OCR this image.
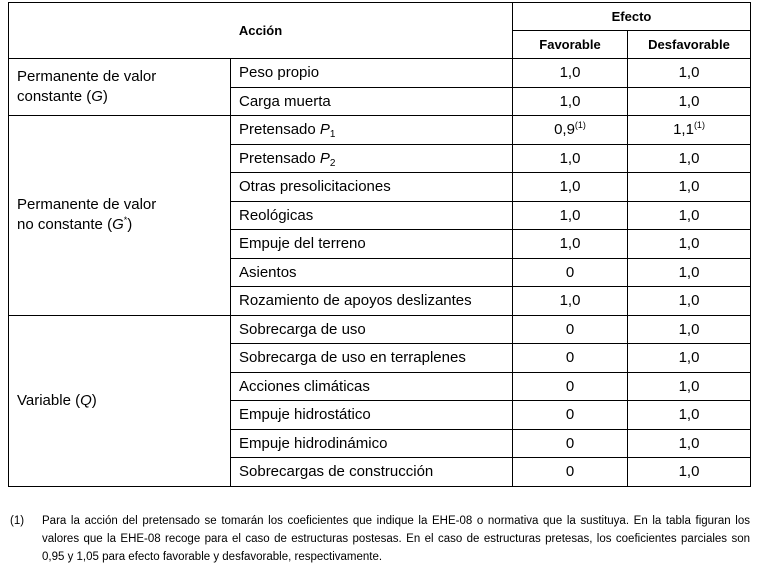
Acción		Efecto	
		Favorable	Desfavorable
Permanente de valor
constante (G)	Peso propio	1,0	1,0
	Carga muerta	1,0	1,0
Permanente de valor
no constante (G*)	Pretensado $P_1$	0,9$^{(1)}$	1,1$^{(1)}$
	Pretensado $P_2$	1,0	1,0
	Otras presolicitaciones	1,0	1,0
	Reológicas	1,0	1,0
	Empuje del terreno	1,0	1,0
	Asientos	0	1,0
	Rozamiento de apoyos deslizantes	1,0	1,0
Variable (Q)	Sobrecarga de uso	0	1,0
	Sobrecarga de uso en terraplenes	0	1,0
	Acciones climáticas	0	1,0
	Empuje hidrostático	0	1,0
	Empuje hidrodinámico	0	1,0
	Sobrecargas de construcción	0	1,0
(1) Para la acción del pretensado se tomarán los coeficientes que indique la EHE-08 o normativa que la sustituya. En la tabla figuran los valores que la EHE-08 recoge para el caso de estructuras postesas. En el caso de estructuras pretesas, los coeficientes parciales son 0,95 y 1,05 para efecto favorable y desfavorable, respectivamente.
